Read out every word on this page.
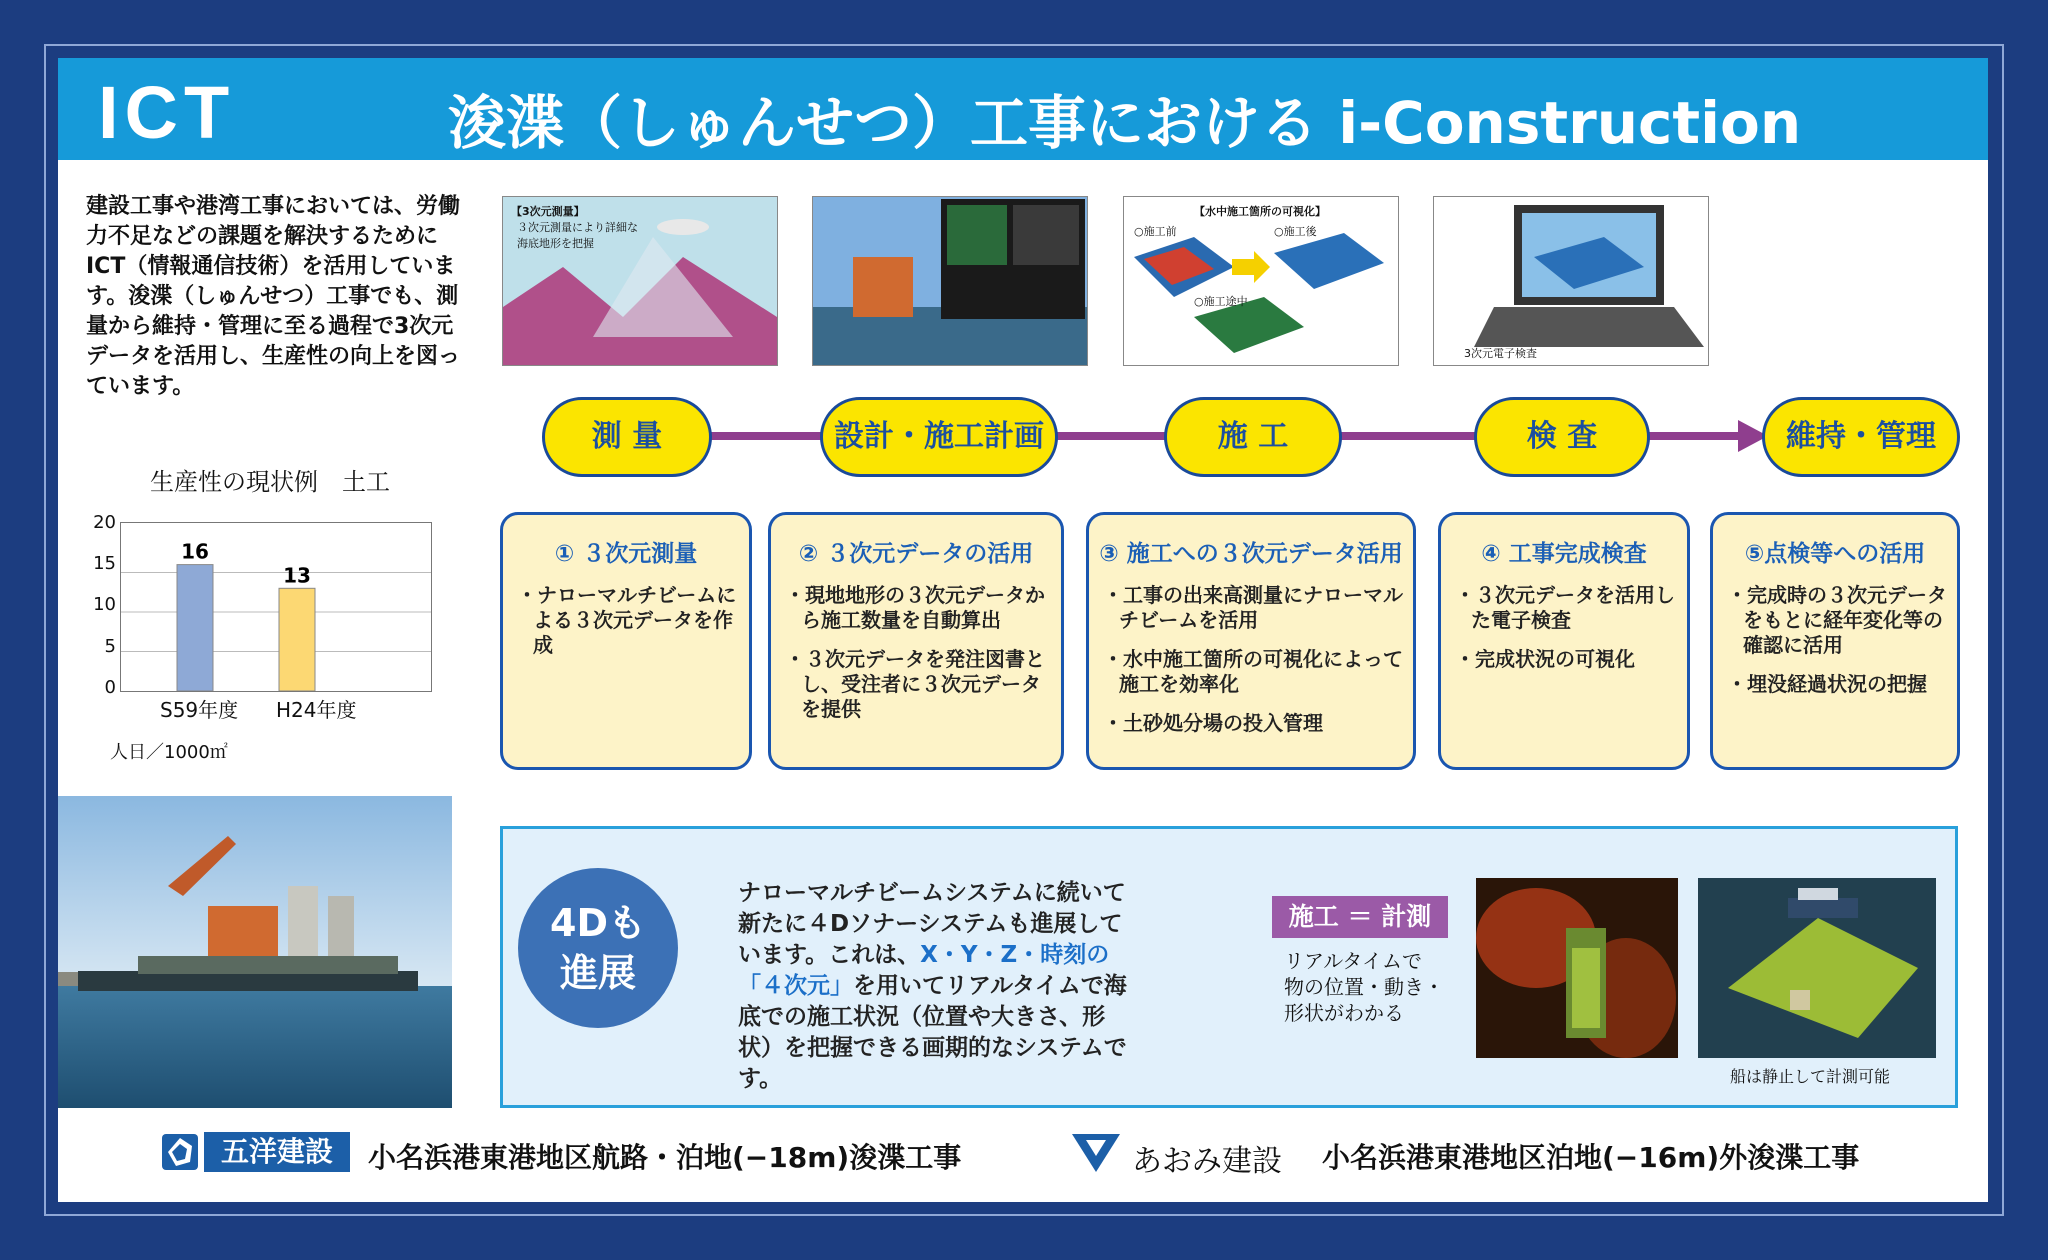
ICT	浚渫（しゅんせつ）工事における i-Construction
建設工事や港湾工事においては、労働力不足などの課題を解決するためにICT（情報通信技術）を活用しています。浚渫（しゅんせつ）工事でも、測量から維持・管理に至る過程で3次元データを活用し、生産性の向上を図っています。
生産性の現状例　土工
20
15
10
5
0
16
13
S59年度 H24年度
人日／1000㎡
【3次元測量】
３次元測量により詳細な海底地形を把握
【水中施工箇所の可視化】
○施工前	○施工後
○施工途中
3次元電子検査
測 量	設計・施工計画	施 工	検 査	維持・管理
① ３次元測量
・ ナローマルチビームによる３次元データを作成
② ３次元データの活用
・ 現地地形の３次元データから施工数量を自動算出
・ ３次元データを発注図書とし、受注者に３次元データを提供
③ 施工への３次元データ活用
・ 工事の出来高測量にナローマルチビームを活用
・ 水中施工箇所の可視化によって施工を効率化
・ 土砂処分場の投入管理
④ 工事完成検査
・ ３次元データを活用した電子検査
・ 完成状況の可視化
⑤点検等への活用
・ 完成時の３次元データをもとに経年変化等の確認に活用
・ 埋没経過状況の把握
4Dも
進展
ナローマルチビームシステムに続いて新たに４Dソナーシステムも進展しています。これは、X・Y・Z・時刻の「４次元」を用いてリアルタイムで海底での施工状況（位置や大きさ、形状）を把握できる画期的なシステムです。
施工 ＝ 計測
リアルタイムで
物の位置・動き・
形状がわかる
船は静止して計測可能
五洋建設	小名浜港東港地区航路・泊地(−18m)浚渫工事	あおみ建設 小名浜港東港地区泊地(−16m)外浚渫工事
